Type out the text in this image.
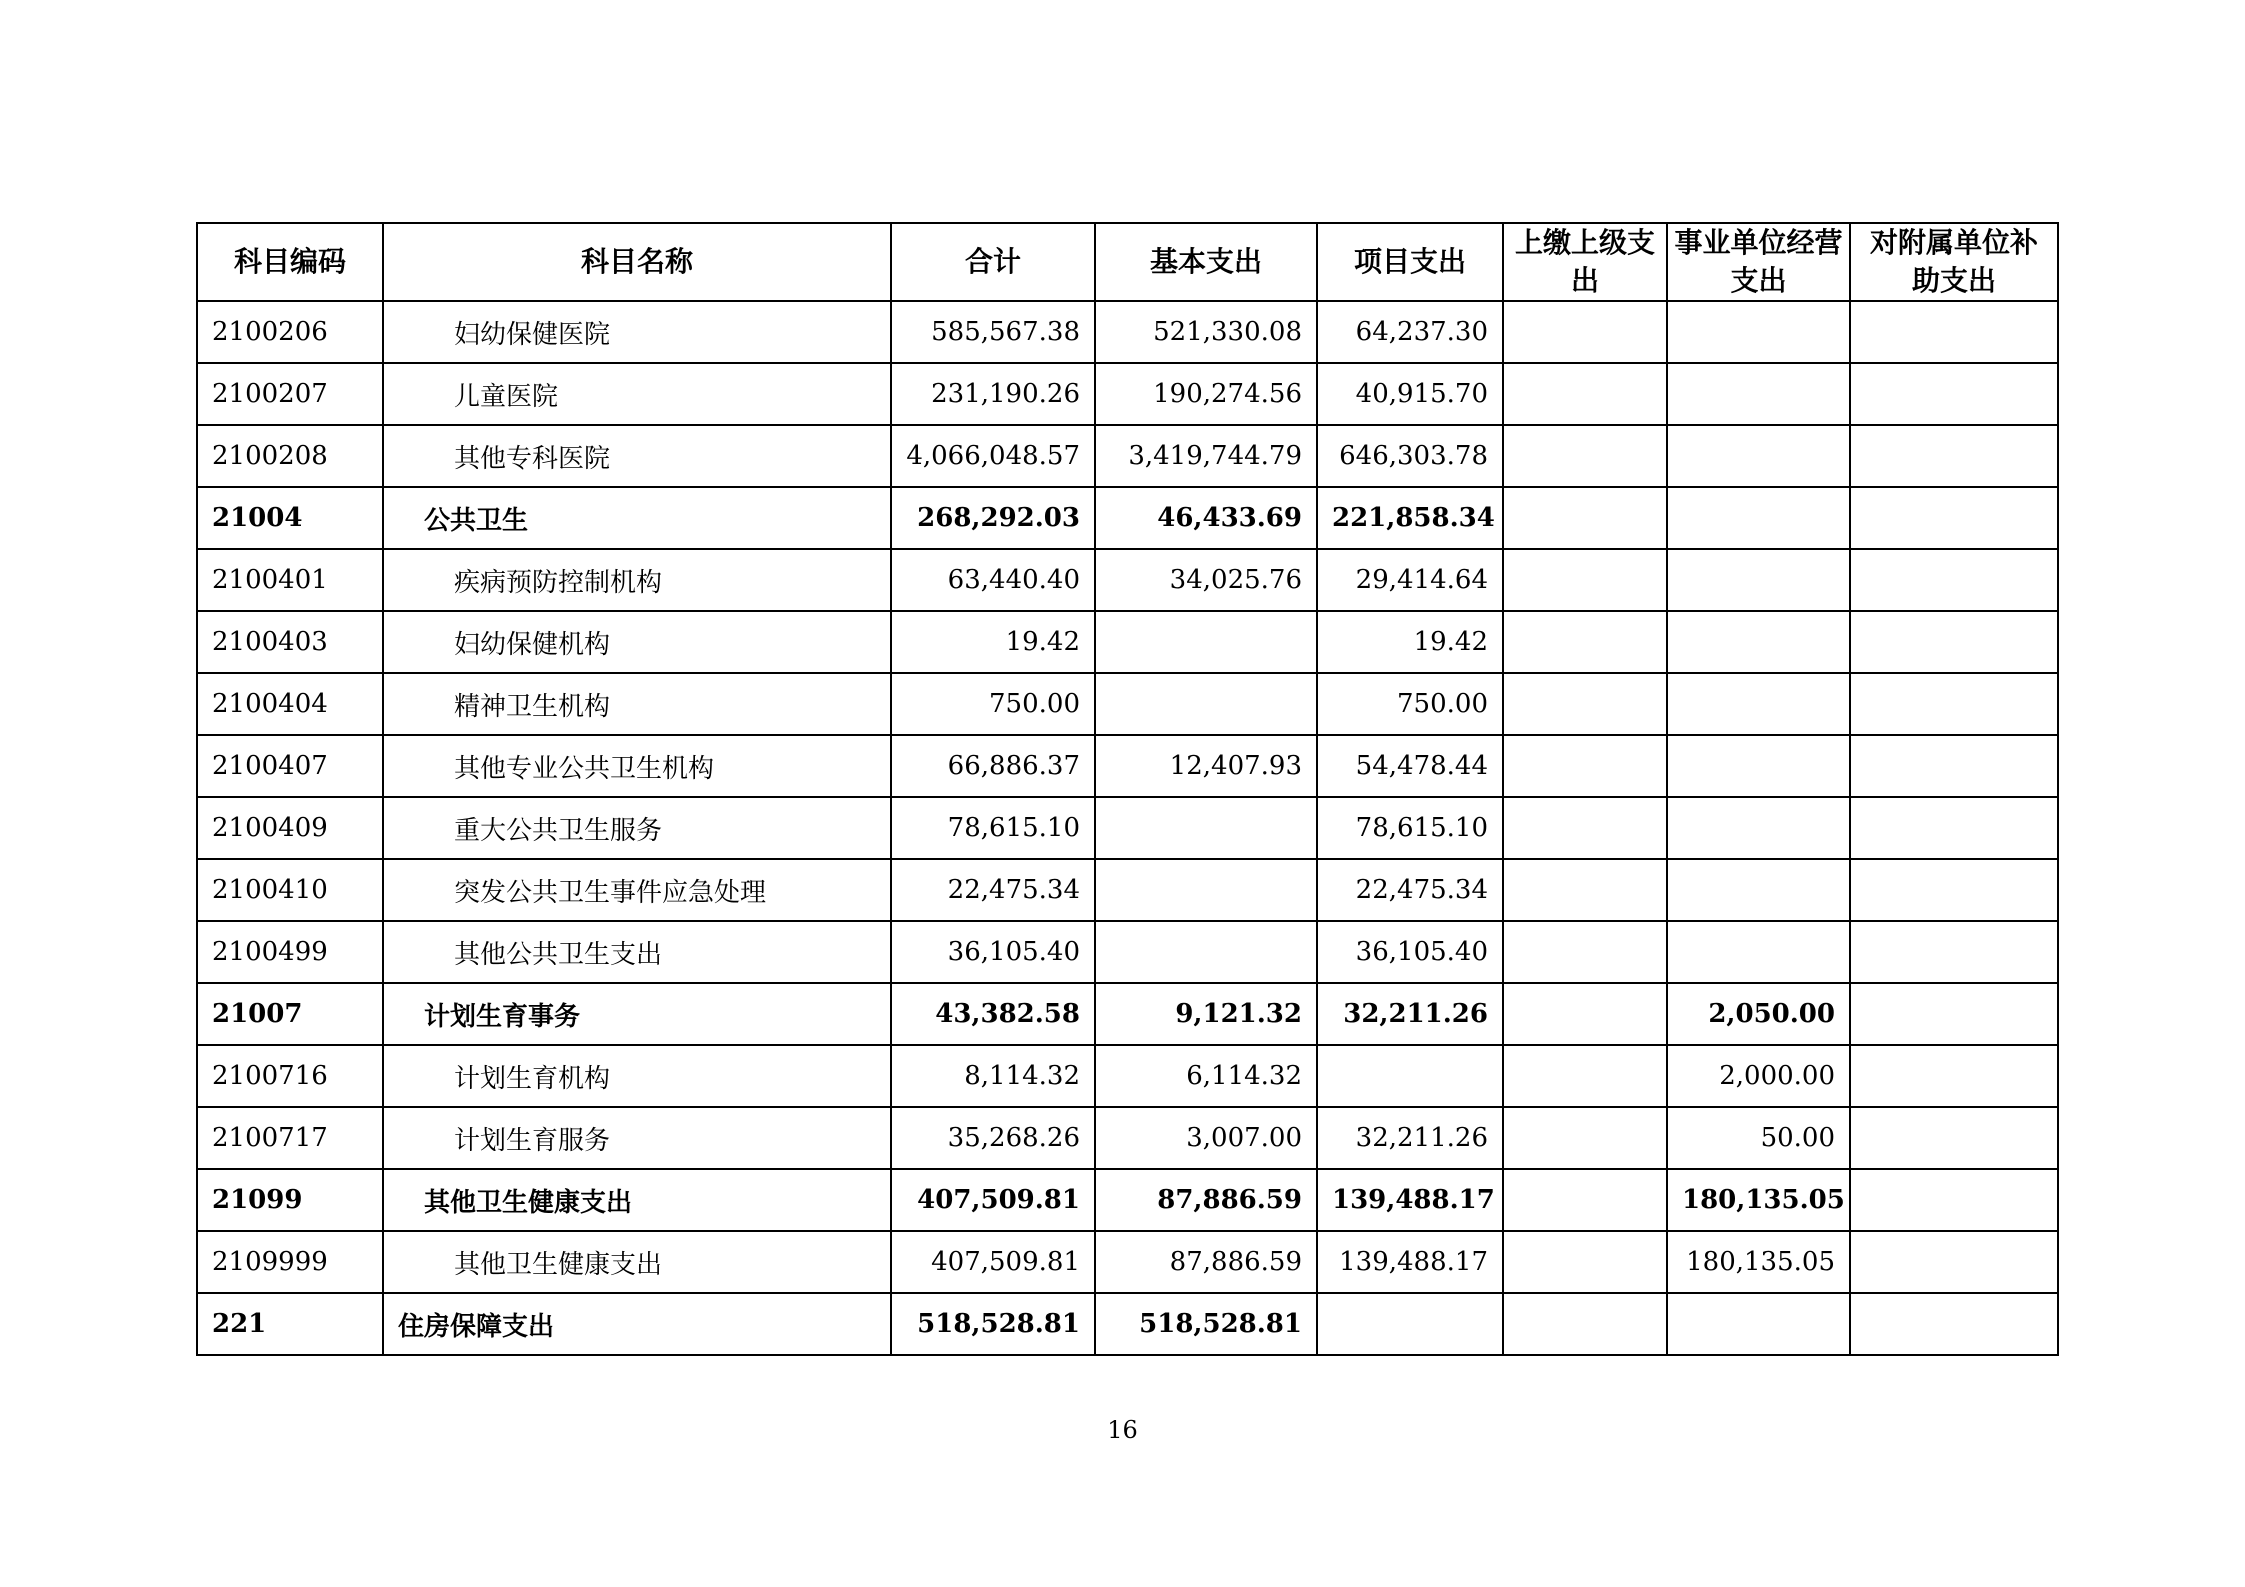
科目编码	科目名称	合计	基本支出	项目支出	上缴上级支出	事业单位经营支出	对附属单位补助支出
2100206	妇幼保健医院	585,567.38	521,330.08	64,237.30			
2100207	儿童医院	231,190.26	190,274.56	40,915.70			
2100208	其他专科医院	4,066,048.57	3,419,744.79	646,303.78			
21004	公共卫生	268,292.03	46,433.69	221,858.34			
2100401	疾病预防控制机构	63,440.40	34,025.76	29,414.64			
2100403	妇幼保健机构	19.42		19.42			
2100404	精神卫生机构	750.00		750.00			
2100407	其他专业公共卫生机构	66,886.37	12,407.93	54,478.44			
2100409	重大公共卫生服务	78,615.10		78,615.10			
2100410	突发公共卫生事件应急处理	22,475.34		22,475.34			
2100499	其他公共卫生支出	36,105.40		36,105.40			
21007	计划生育事务	43,382.58	9,121.32	32,211.26		2,050.00	
2100716	计划生育机构	8,114.32	6,114.32			2,000.00	
2100717	计划生育服务	35,268.26	3,007.00	32,211.26		50.00	
21099	其他卫生健康支出	407,509.81	87,886.59	139,488.17		180,135.05	
2109999	其他卫生健康支出	407,509.81	87,886.59	139,488.17		180,135.05	
221	住房保障支出	518,528.81	518,528.81				
16
